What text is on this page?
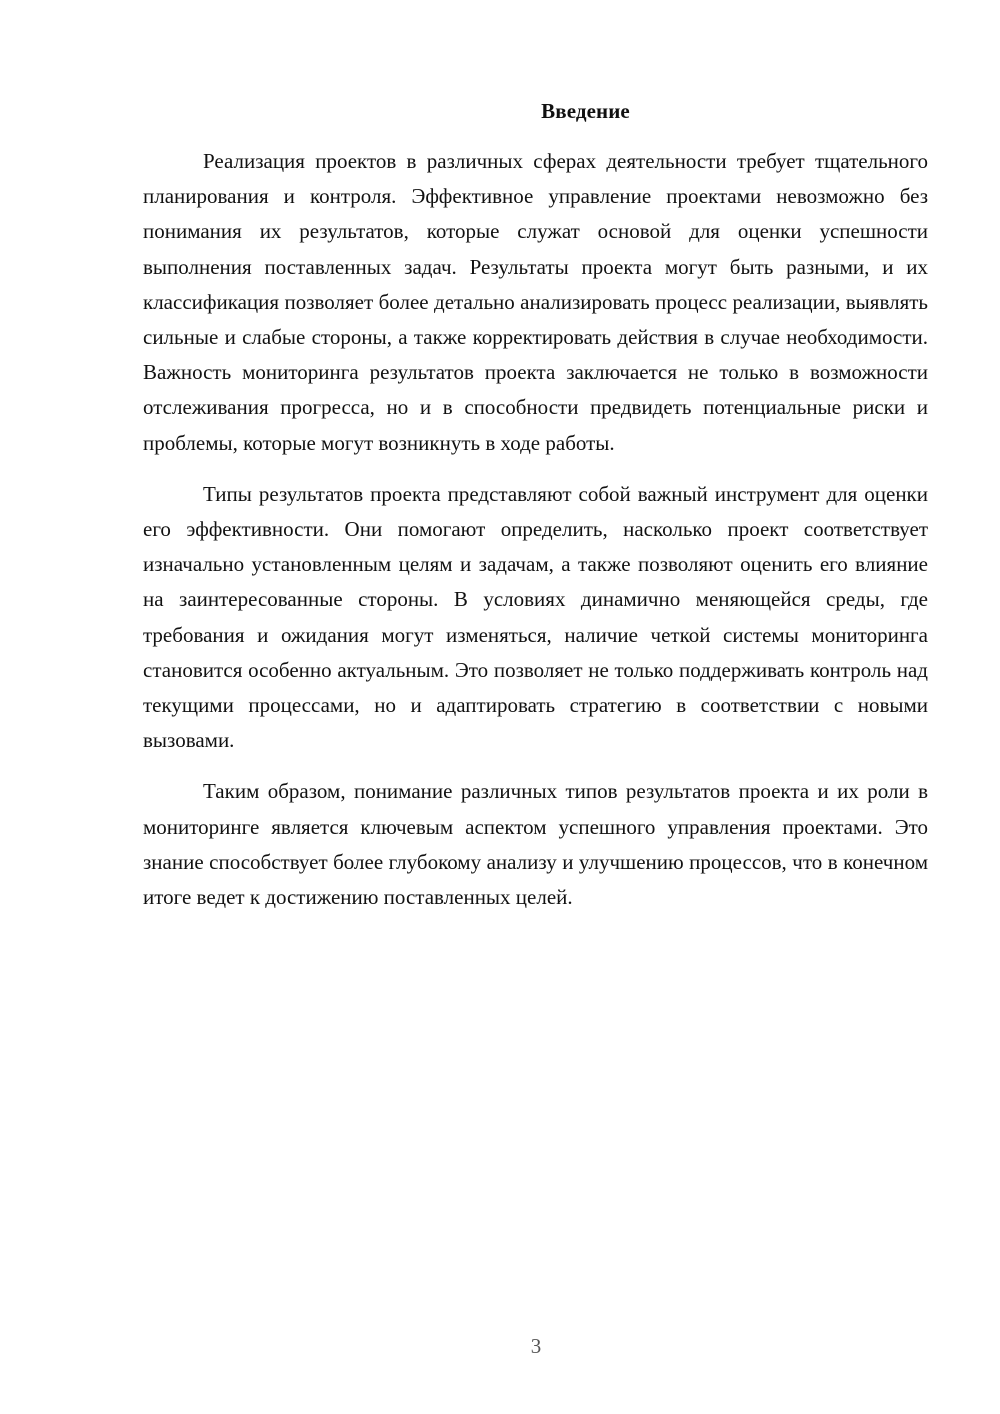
Введение

Реализация проектов в различных сферах деятельности требует тщательного планирования и контроля. Эффективное управление проектами невозможно без понимания их результатов, которые служат основой для оценки успешности выполнения поставленных задач. Результаты проекта могут быть разными, и их классификация позволяет более детально анализировать процесс реализации, выявлять сильные и слабые стороны, а также корректировать действия в случае необходимости. Важность мониторинга результатов проекта заключается не только в возможности отслеживания прогресса, но и в способности предвидеть потенциальные риски и проблемы, которые могут возникнуть в ходе работы.

Типы результатов проекта представляют собой важный инструмент для оценки его эффективности. Они помогают определить, насколько проект соответствует изначально установленным целям и задачам, а также позволяют оценить его влияние на заинтересованные стороны. В условиях динамично меняющейся среды, где требования и ожидания могут изменяться, наличие четкой системы мониторинга становится особенно актуальным. Это позволяет не только поддерживать контроль над текущими процессами, но и адаптировать стратегию в соответствии с новыми вызовами.

Таким образом, понимание различных типов результатов проекта и их роли в мониторинге является ключевым аспектом успешного управления проектами. Это знание способствует более глубокому анализу и улучшению процессов, что в конечном итоге ведет к достижению поставленных целей.

3
